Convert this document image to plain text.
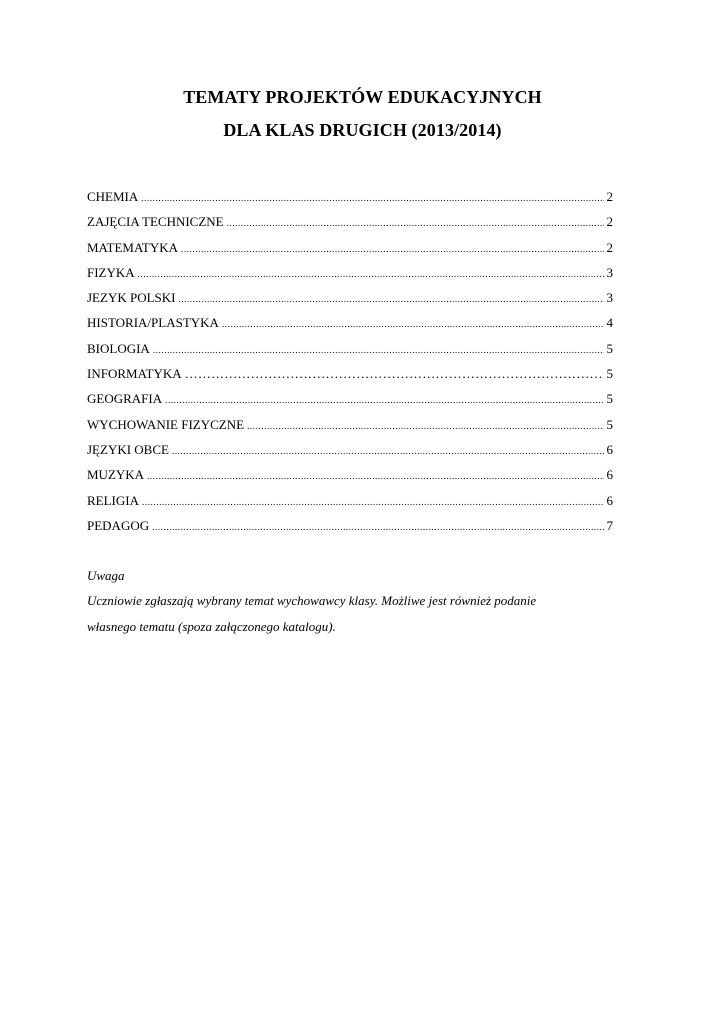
TEMATY PROJEKTÓW EDUKACYJNYCH
DLA KLAS DRUGICH (2013/2014)
CHEMIA .....	2
ZAJĘCIA TECHNICZNE .....	2
MATEMATYKA .....	2
FIZYKA .....	3
JEZYK POLSKI .....	3
HISTORIA/PLASTYKA .....	4
BIOLOGIA .....	5
INFORMATYKA …………………………………………………………………………………………………………………………………	5
GEOGRAFIA .....	5
WYCHOWANIE FIZYCZNE .....	5
JĘZYKI OBCE .....	6
MUZYKA .....	6
RELIGIA .....	6
PEDAGOG .....	7
Uwaga
Uczniowie zgłaszają wybrany temat wychowawcy klasy. Możliwe jest również podanie
własnego tematu (spoza załączonego katalogu).
